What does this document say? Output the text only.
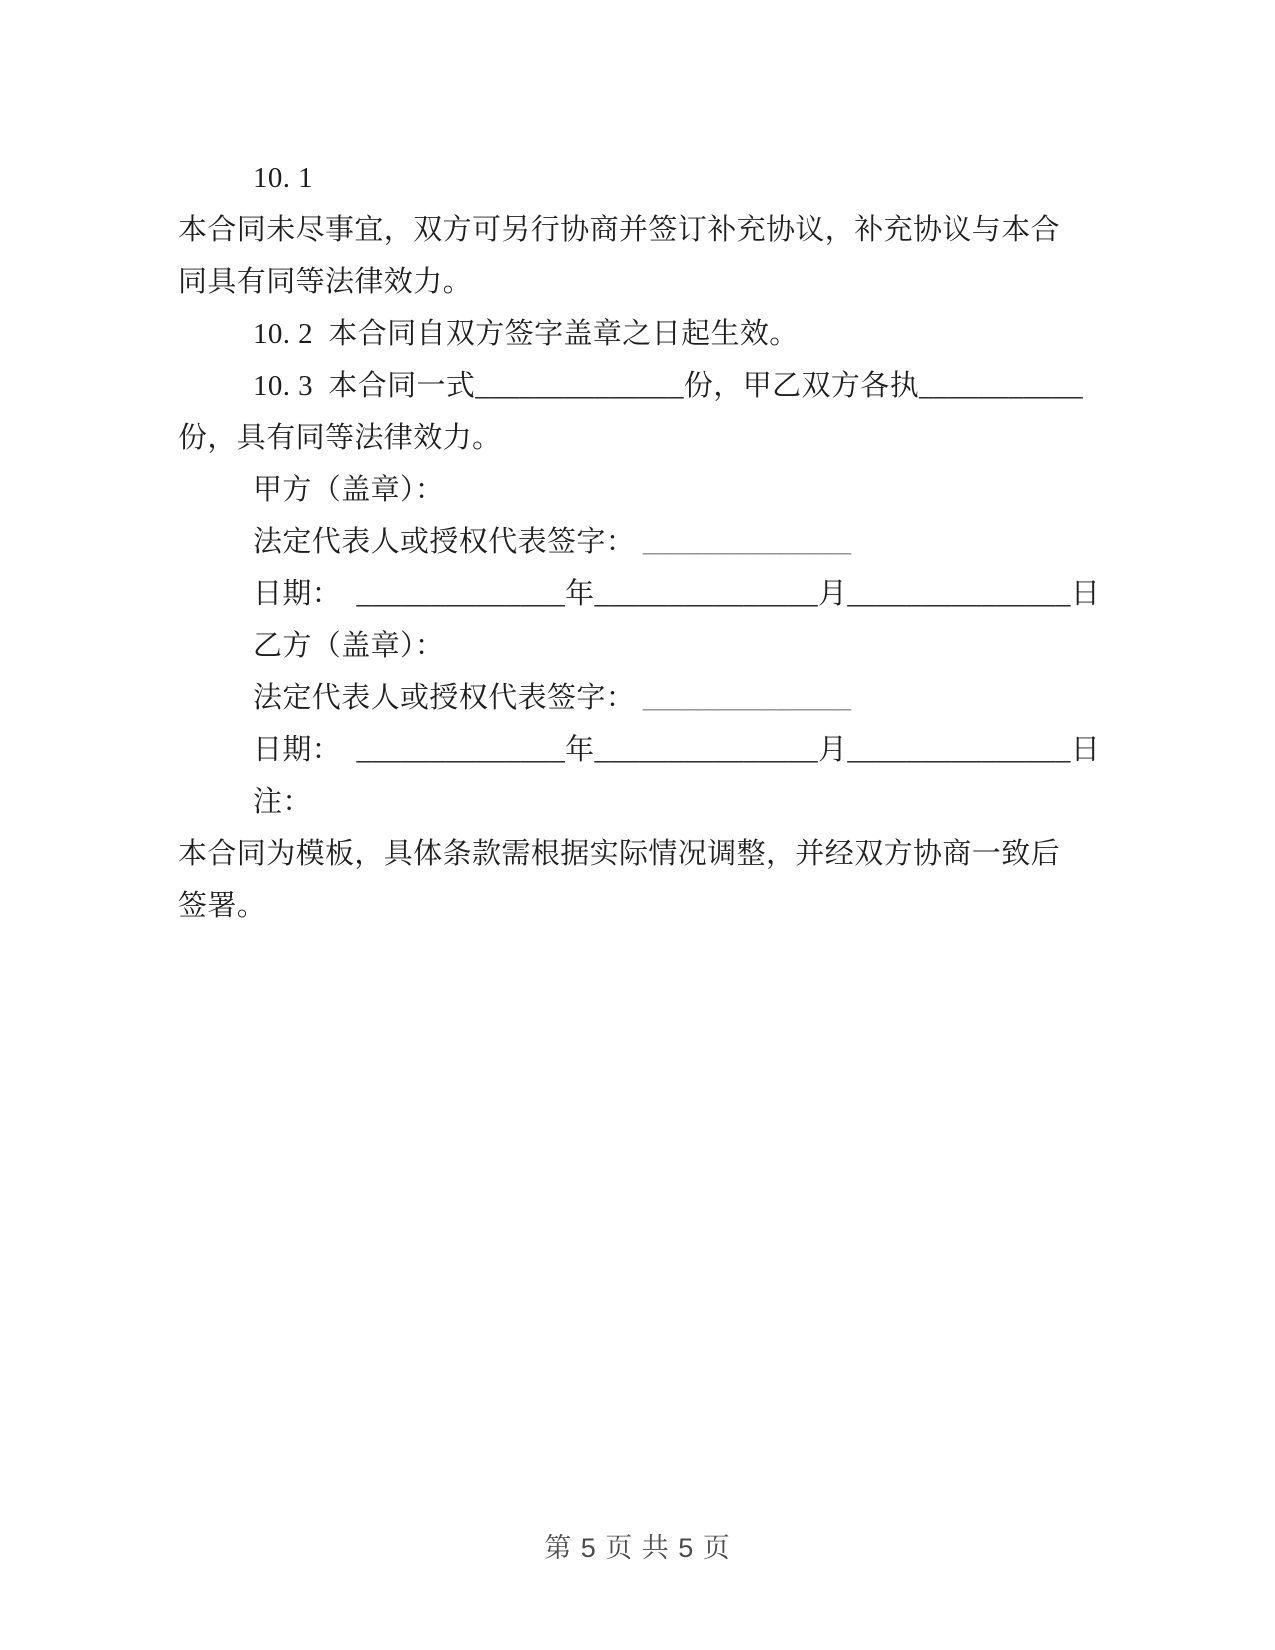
10. 1
本合同未尽事宜，双方可另行协商并签订补充协议，补充协议与本合
同具有同等法律效力。
10. 2  本合同自双方签字盖章之日起生效。
10. 3  本合同一式______________份，甲乙双方各执___________
份，具有同等法律效力。
甲方（盖章）：
法定代表人或授权代表签字： ______________
日期：  ______________年_______________月_______________日
乙方（盖章）：
法定代表人或授权代表签字： ______________
日期：  ______________年_______________月_______________日
注：
本合同为模板，具体条款需根据实际情况调整，并经双方协商一致后
签署。
第 5 页 共 5 页
